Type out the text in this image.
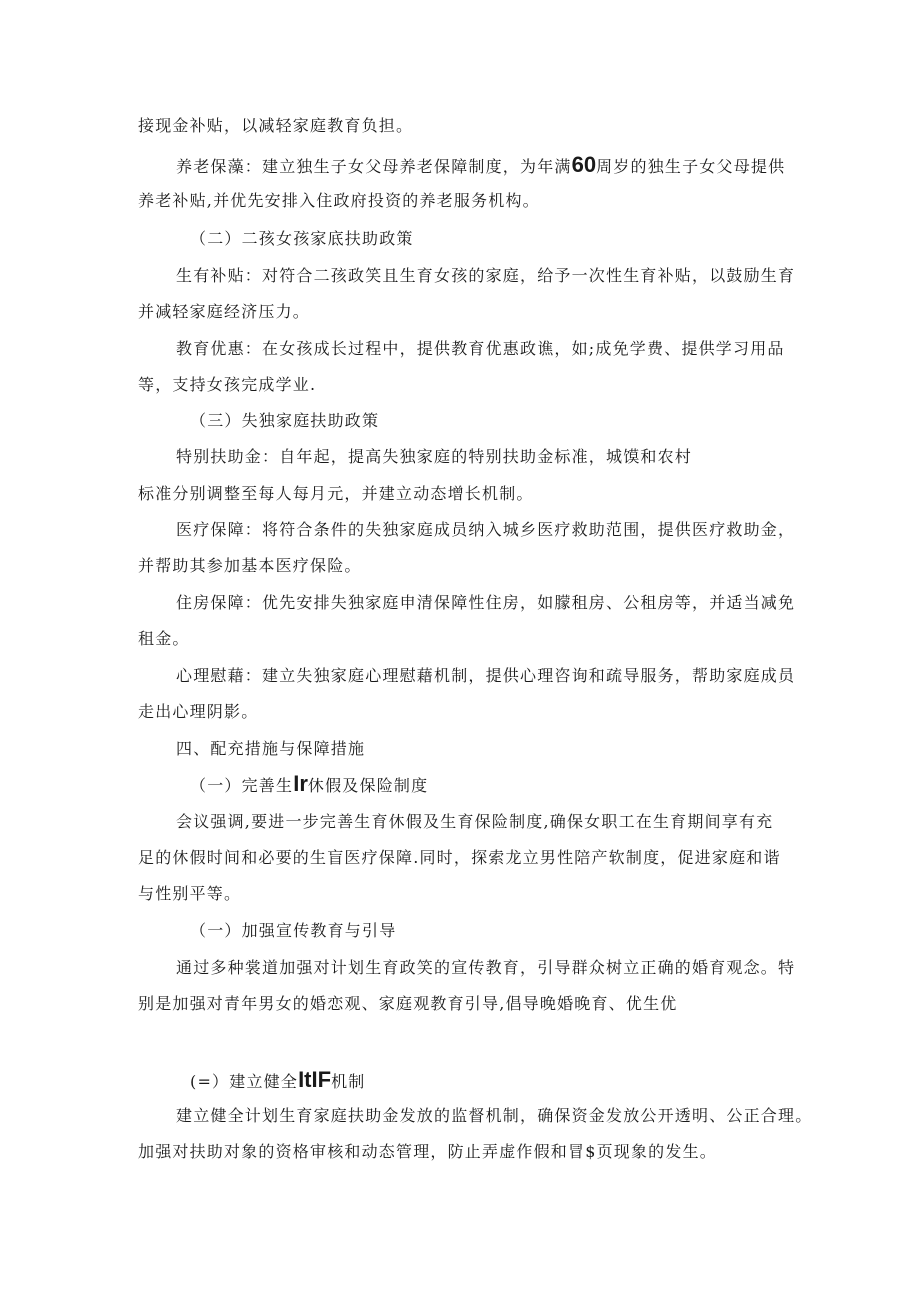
接现金补贴，以减轻家庭教育负担。
养老保藻：建立独生子女父母养老保障制度，为年满60周岁的独生子女父母提供
养老补贴,并优先安排入住政府投资的养老服务机构。
（二）二孩女孩家底扶助政策
生有补贴：对符合二孩政笑且生育女孩的家庭，给予一次性生育补贴，以鼓励生育
并减轻家庭经济压力。
教育优惠：在女孩成长过程中，提供教育优惠政谯，如;成免学费、提供学习用品
等，支持女孩完成学业.
（三）失独家庭扶助政策
特别扶助金：自年起，提高失独家庭的特别扶助金标准，城馍和农村
标准分别调整至每人每月元，并建立动态增长机制。
医疗保障：将符合条件的失独家庭成员纳入城乡医疗救助范围，提供医疗救助金，
并帮助其参加基本医疗保险。
住房保障：优先安排失独家庭申清保障性住房，如朦租房、公租房等，并适当减免
租金。
心理慰藉：建立失独家庭心理慰藉机制，提供心理咨询和疏导服务，帮助家庭成员
走出心理阴影。
四、配充措施与保障措施
（一）完善生Ir休假及保险制度
会议强调,要进一步完善生育休假及生育保险制度,确保女职工在生育期间享有充
足的休假时间和必要的生盲医疗保障.同时，探索龙立男性陪产软制度，促进家庭和谐
与性别平等。
（一）加强宣传教育与引导
通过多种裳道加强对计划生育政笑的宣传教育，引导群众树立正确的婚育观念。特
别是加强对青年男女的婚恋观、家庭观教育引导,倡导晚婚晚育、优生优
(=）建立健全ItIF机制
建立健全计划生育家庭扶助金发放的监督机制，确保资金发放公开透明、公正合理。
加强对扶助对象的资格审核和动态管理，防止弄虚作假和冒$页现象的发生。
